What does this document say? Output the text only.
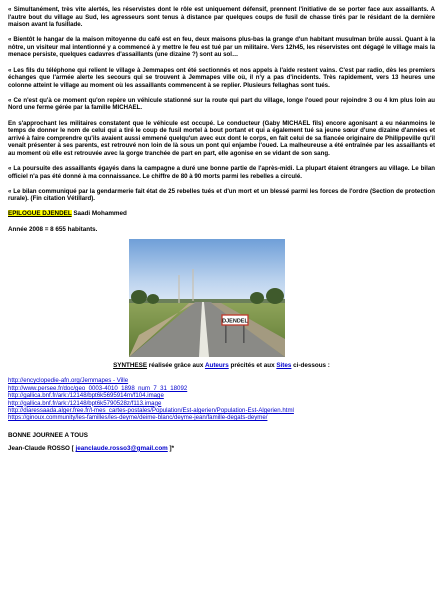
« Simultanément, très vite alertés, les réservistes dont le rôle est uniquement défensif, prennent l'initiative de se porter face aux assaillants. A l'autre bout du village au Sud, les agresseurs sont tenus à distance par quelques coups de fusil de chasse tirés par le résidant de la dernière maison avant la fusillade.

« Bientôt le hangar de la maison mitoyenne du café est en feu, deux maisons plus-bas la grange d'un habitant musulman brûle aussi. Quant à la nôtre, un visiteur mal intentionné y a commencé à y mettre le feu est tué par un militaire. Vers 12h45, les réservistes ont dégagé le village mais la menace persiste, quelques cadavres d'assaillants (une dizaine ?) sont au sol…

« Les fils du téléphone qui relient le village à Jemmapes ont été sectionnés et nos appels à l'aide restent vains. C'est par radio, dès les premiers échanges que l'armée alerte les secours qui se trouvent à Jemmapes ville où, il n'y a pas d'incidents. Très rapidement, vers 13 heures une colonne atteint le village au moment où les assaillants commencent à se replier. Plusieurs fellaghas sont tués.

« Ce n'est qu'à ce moment qu'on repère un véhicule stationné sur la route qui part du village, longe l'oued pour rejoindre 3 ou 4 km plus loin au Nord une ferme gérée par la famille MICHAEL.

En s'approchant les militaires constatent que le véhicule est occupé. Le conducteur (Gaby MICHAEL fils) encore agonisant a eu néanmoins le temps de donner le nom de celui qui a tiré le coup de fusil mortel à bout portant et qui a également tué sa jeune sœur d'une dizaine d'années et arrivé à faire comprendre qu'ils avaient aussi emmené quelqu'un avec eux dont le corps, en fait celui de sa fiancée originaire de Philippeville qu'il venait présenter à ses parents, est retrouvé non loin de là sous un pont qui enjambe l'oued. La malheureuse a été entraînée par les assaillants et au moment où elle est retrouvée avec la gorge tranchée de part en part, elle agonise en se vidant de son sang.

« La poursuite des assaillants égayés dans la campagne a duré une bonne partie de l'après-midi. La plupart étaient étrangers au village. Le bilan officiel n'a pas été donné à ma connaissance. Le chiffre de 80 à 90 morts parmi les rebelles a circulé.

« Le bilan communiqué par la gendarmerie fait état de 25 rebelles tués et d'un mort et un blessé parmi les forces de l'ordre (Section de protection rurale). (Fin citation Vétillard).

EPILOGUE DJENDEL Saadi Mohammed

Année 2008 = 8 655 habitants.

DJENDEL

SYNTHESE réalisée grâce aux Auteurs précités et aux Sites ci-dessous :

http://encyclopedie-afn.org/Jemmapes - Ville
http://www.persee.fr/doc/geo_0003-4010_1898_num_7_31_18092
http://gallica.bnf.fr/ark:/12148/bpt6k5695914m/f104.image
http://gallica.bnf.fr/ark:/12148/bpt6k5790528z/f113.image
http://diaressaada.alger.free.fr/l-mes_cartes-postales/Population/Est-algerien/Population-Est-Algerien.html
https://ginoux.community/les-familles/les-deyme/deime-blanc/deyme-jean/famille-degats-deyme/

BONNE JOURNEE A TOUS

Jean-Claude ROSSO [ jeanclaude.rosso3@gmail.com ]*
